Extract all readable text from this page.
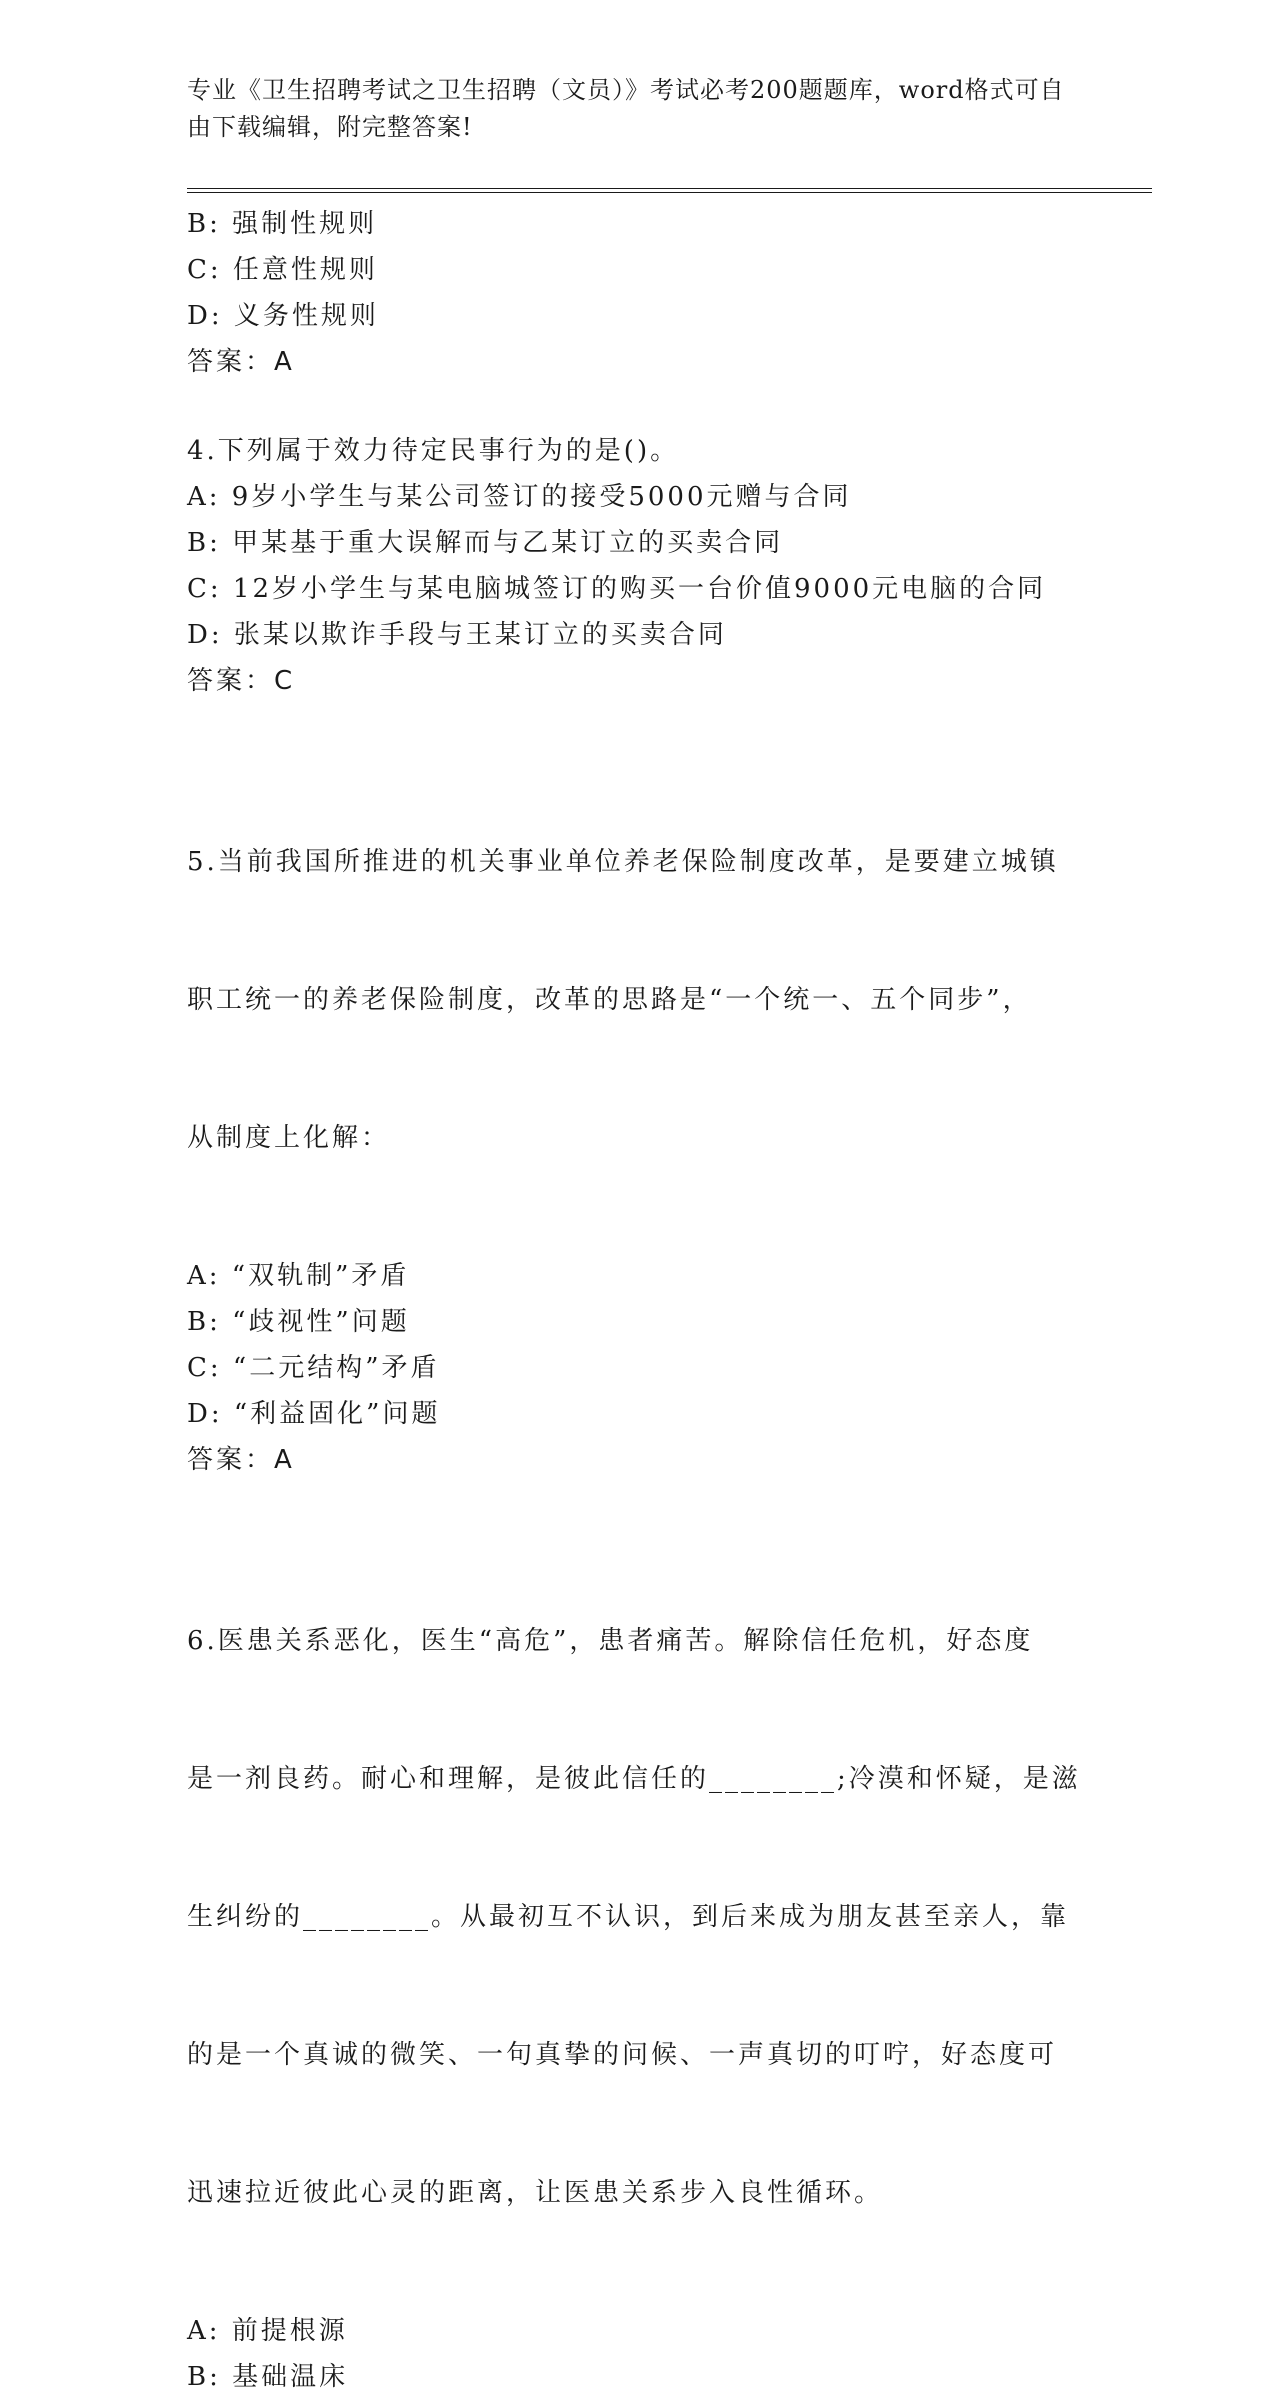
专业《卫生招聘考试之卫生招聘（文员）》考试必考200题题库，word格式可自
由下载编辑，附完整答案!
B: 强制性规则
C: 任意性规则
D: 义务性规则
答案：A
4.下列属于效力待定民事行为的是()。
A: 9岁小学生与某公司签订的接受5000元赠与合同
B: 甲某基于重大误解而与乙某订立的买卖合同
C: 12岁小学生与某电脑城签订的购买一台价值9000元电脑的合同
D: 张某以欺诈手段与王某订立的买卖合同
答案：C

5.当前我国所推进的机关事业单位养老保险制度改革，是要建立城镇

职工统一的养老保险制度，改革的思路是“一个统一、五个同步”，

从制度上化解：

A: “双轨制”矛盾
B: “歧视性”问题
C: “二元结构”矛盾
D: “利益固化”问题
答案：A

6.医患关系恶化，医生“高危”，患者痛苦。解除信任危机，好态度

是一剂良药。耐心和理解，是彼此信任的________;冷漠和怀疑，是滋

生纠纷的________。从最初互不认识，到后来成为朋友甚至亲人，靠

的是一个真诚的微笑、一句真挚的问候、一声真切的叮咛，好态度可

迅速拉近彼此心灵的距离，让医患关系步入良性循环。

A: 前提根源
B: 基础温床
